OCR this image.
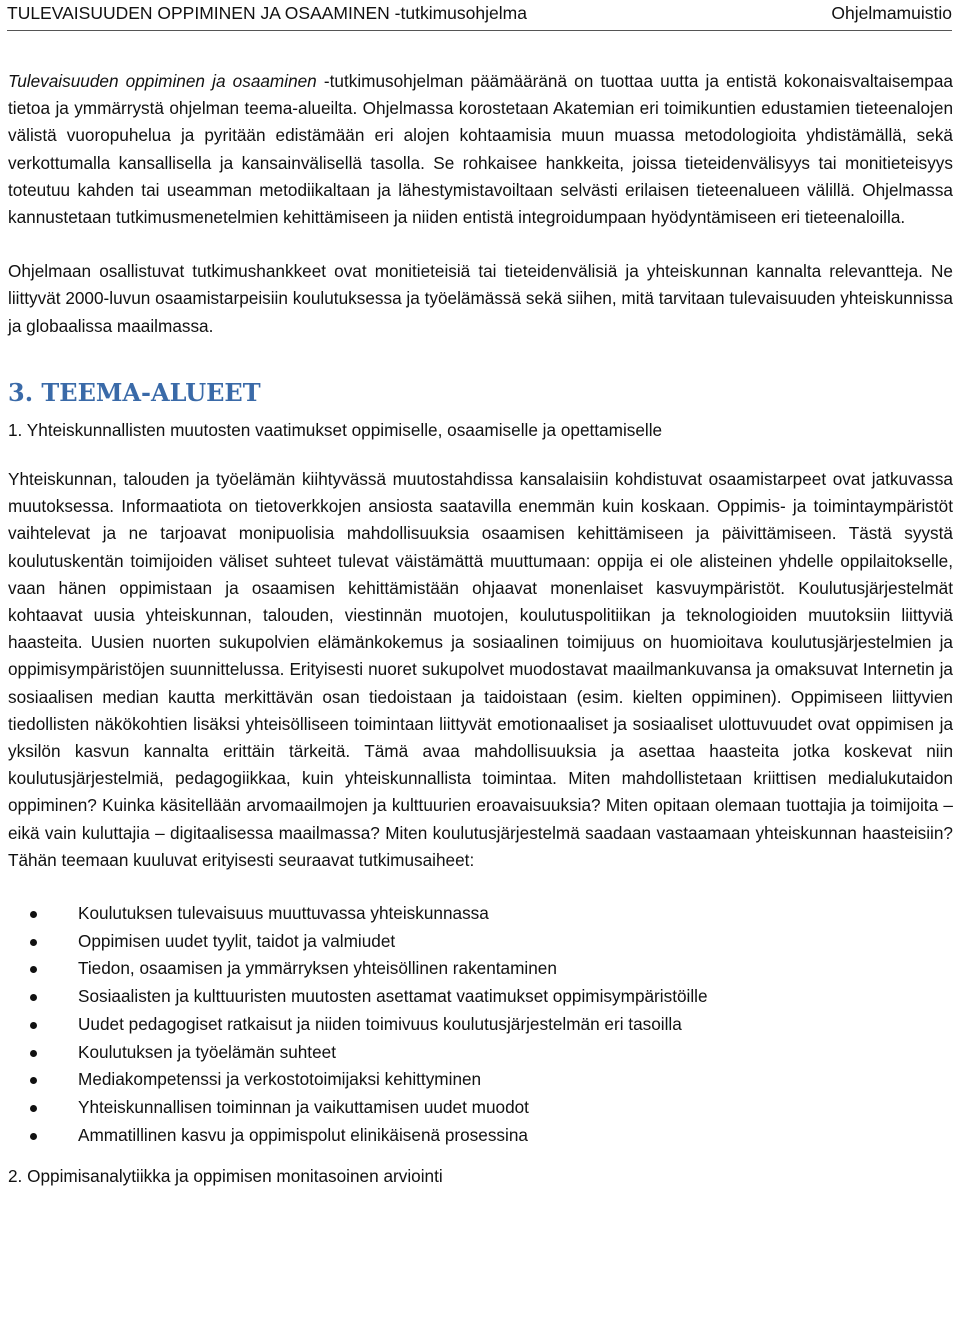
TULEVAISUUDEN OPPIMINEN JA OSAAMINEN -tutkimusohjelma	Ohjelmamuistio

Tulevaisuuden oppiminen ja osaaminen -tutkimusohjelman päämääränä on tuottaa uutta ja entistä kokonaisvaltaisempaa tietoa ja ymmärrystä ohjelman teema-alueilta. Ohjelmassa korostetaan Akatemian eri toimikuntien edustamien tieteenalojen välistä vuoropuhelua ja pyritään edistämään eri alojen kohtaamisia muun muassa metodologioita yhdistämällä, sekä verkottumalla kansallisella ja kansainvälisellä tasolla. Se rohkaisee hankkeita, joissa tieteidenvälisyys tai monitieteisyys toteutuu kahden tai useamman metodiikaltaan ja lähestymistavoiltaan selvästi erilaisen tieteenalueen välillä. Ohjelmassa kannustetaan tutkimusmenetelmien kehittämiseen ja niiden entistä integroidumpaan hyödyntämiseen eri tieteenaloilla.

Ohjelmaan osallistuvat tutkimushankkeet ovat monitieteisiä tai tieteidenvälisiä ja yhteiskunnan kannalta relevantteja. Ne liittyvät 2000-luvun osaamistarpeisiin koulutuksessa ja työelämässä sekä siihen, mitä tarvitaan tulevaisuuden yhteiskunnissa ja globaalissa maailmassa.

3. TEEMA-ALUEET

1. Yhteiskunnallisten muutosten vaatimukset oppimiselle, osaamiselle ja opettamiselle

Yhteiskunnan, talouden ja työelämän kiihtyvässä muutostahdissa kansalaisiin kohdistuvat osaamistarpeet ovat jatkuvassa muutoksessa. Informaatiota on tietoverkkojen ansiosta saatavilla enemmän kuin koskaan. Oppimis- ja toimintaympäristöt vaihtelevat ja ne tarjoavat monipuolisia mahdollisuuksia osaamisen kehittämiseen ja päivittämiseen. Tästä syystä koulutuskentän toimijoiden väliset suhteet tulevat väistämättä muuttumaan: oppija ei ole alisteinen yhdelle oppilaitokselle, vaan hänen oppimistaan ja osaamisen kehittämistään ohjaavat monenlaiset kasvuympäristöt. Koulutusjärjestelmät kohtaavat uusia yhteiskunnan, talouden, viestinnän muotojen, koulutuspolitiikan ja teknologioiden muutoksiin liittyviä haasteita. Uusien nuorten sukupolvien elämänkokemus ja sosiaalinen toimijuus on huomioitava koulutusjärjestelmien ja oppimisympäristöjen suunnittelussa. Erityisesti nuoret sukupolvet muodostavat maailmankuvansa ja omaksuvat Internetin ja sosiaalisen median kautta merkittävän osan tiedoistaan ja taidoistaan (esim. kielten oppiminen). Oppimiseen liittyvien tiedollisten näkökohtien lisäksi yhteisölliseen toimintaan liittyvät emotionaaliset ja sosiaaliset ulottuvuudet ovat oppimisen ja yksilön kasvun kannalta erittäin tärkeitä. Tämä avaa mahdollisuuksia ja asettaa haasteita jotka koskevat niin koulutusjärjestelmiä, pedagogiikkaa, kuin yhteiskunnallista toimintaa. Miten mahdollistetaan kriittisen medialukutaidon oppiminen? Kuinka käsitellään arvomaailmojen ja kulttuurien eroavaisuuksia? Miten opitaan olemaan tuottajia ja toimijoita – eikä vain kuluttajia – digitaalisessa maailmassa? Miten koulutusjärjestelmä saadaan vastaamaan yhteiskunnan haasteisiin? Tähän teemaan kuuluvat erityisesti seuraavat tutkimusaiheet:

Koulutuksen tulevaisuus muuttuvassa yhteiskunnassa
Oppimisen uudet tyylit, taidot ja valmiudet
Tiedon, osaamisen ja ymmärryksen yhteisöllinen rakentaminen
Sosiaalisten ja kulttuuristen muutosten asettamat vaatimukset oppimisympäristöille
Uudet pedagogiset ratkaisut ja niiden toimivuus koulutusjärjestelmän eri tasoilla
Koulutuksen ja työelämän suhteet
Mediakompetenssi ja verkostotoimijaksi kehittyminen
Yhteiskunnallisen toiminnan ja vaikuttamisen uudet muodot
Ammatillinen kasvu ja oppimispolut elinikäisenä prosessina

2. Oppimisanalytiikka ja oppimisen monitasoinen arviointi
